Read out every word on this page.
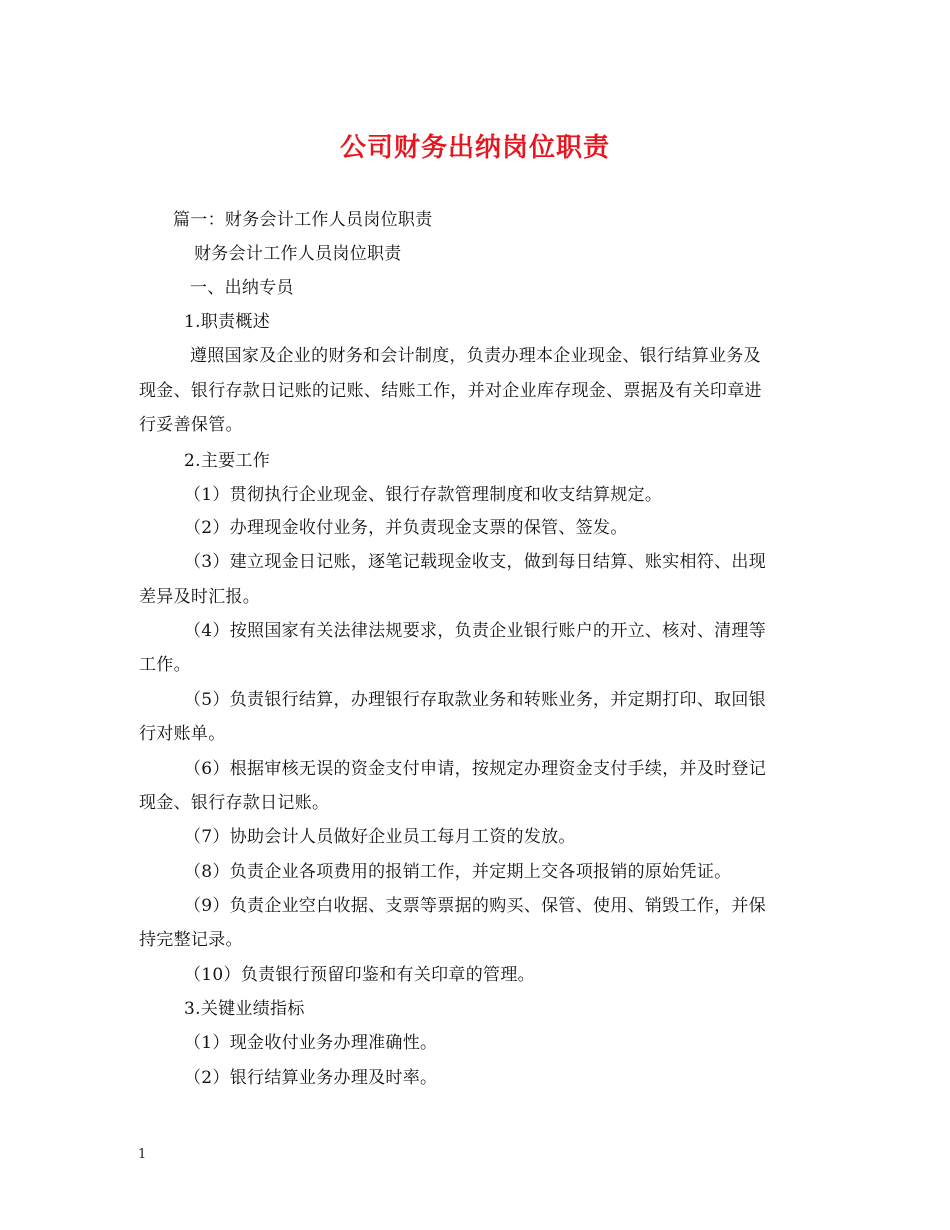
公司财务出纳岗位职责
篇一：财务会计工作人员岗位职责
财务会计工作人员岗位职责
一、出纳专员
1.职责概述
遵照国家及企业的财务和会计制度，负责办理本企业现金、银行结算业务及
现金、银行存款日记账的记账、结账工作，并对企业库存现金、票据及有关印章进
行妥善保管。
2.主要工作
（1）贯彻执行企业现金、银行存款管理制度和收支结算规定。
（2）办理现金收付业务，并负责现金支票的保管、签发。
（3）建立现金日记账，逐笔记载现金收支，做到每日结算、账实相符、出现
差异及时汇报。
（4）按照国家有关法律法规要求，负责企业银行账户的开立、核对、清理等
工作。
（5）负责银行结算，办理银行存取款业务和转账业务，并定期打印、取回银
行对账单。
（6）根据审核无误的资金支付申请，按规定办理资金支付手续，并及时登记
现金、银行存款日记账。
（7）协助会计人员做好企业员工每月工资的发放。
（8）负责企业各项费用的报销工作，并定期上交各项报销的原始凭证。
（9）负责企业空白收据、支票等票据的购买、保管、使用、销毁工作，并保
持完整记录。
（10）负责银行预留印鉴和有关印章的管理。
3.关键业绩指标
（1）现金收付业务办理准确性。
（2）银行结算业务办理及时率。
1
